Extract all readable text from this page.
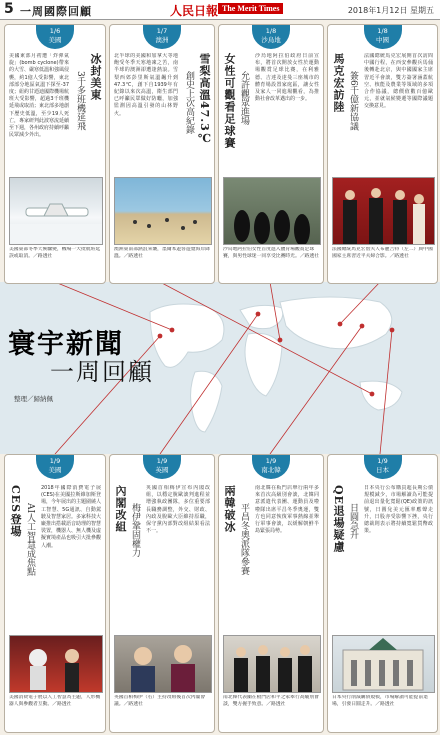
5 一周國際回顧	人民日報 The Merit Times	2018年1月12日 星期五
寰宇新聞
一周回顧
整理／歸納佩
1/6
美國
冰封美東
3千多班機延飛
美國東部月初遭「炸彈氣旋」(bomb cyclone)帶來的大雪、嚴寒低溫和強風侵襲，約1億人受影響，東北部部分地區氣溫下探至-37度；紐約甘迺迪國際機場航班大受影響，超過3千班機延飛或取消；東北部多地創下歷史低溫，至少19人死亡，專家研判此波寒流延續至下週，各州政府持續呼籲民眾減少外出。
美國東部冬季天候驟變，機場一大批航班延誤或取消。／路透社
1/7
澳洲
雪梨高溫47.3℃
創史上次高紀錄
北半球的美國和加拿大等地飽受冬季天寒地凍之苦，南半球的澳洲卻遭逢熱浪。雪梨西郊彭里斯氣溫飆升到47.3℃，創下自1939年有紀錄以來次高溫，衛生部門已呼籲民眾做好防曬，加強監測因高溫引發的山林野火。
澳洲東南部熱浪來襲，墨爾本遊客遊覽海岸降溫。／路透社
1/8
沙烏地
女性可觀看足球賽 允許觀眾進場
沙烏地阿拉伯政府日前宣布，將首次開放女性於運動場觀賞足球比賽，在利雅德、吉達及達曼三座城市的體育場設置家庭區，讓女性及家人一同進場觀看，為推動社會改革邁出的一步。
沙烏地阿拉伯女性首度進入體育場觀賞足球賽，與男性球迷一同享受比賽時光。／路透社
1/8
中國
馬克宏訪陸 簽6千億新協議
法國總統馬克宏展開首次訪問中國行程，在西安參觀兵馬俑後轉赴北京，與中國國家主席習近平會談，雙方簽署涵蓋航空、核能及農業等領域的多項合作協議，總價值數百億歐元，並就氣候變遷等國際議題交換意見。
法國總統馬克宏偕夫人布麗吉特（左二）與中國國家主席習近平夫婦合影。／路透社
1/9
美國
CES登場 AI人工智慧成焦點
2018年國際消費電子展(CES)在美國拉斯維加斯登場，今年展出的主題圍繞人工智慧、5G通訊、自動駕駛及智慧家居。多家科技大廠推出搭載語音助理的智慧裝置，機器人、無人機及虛擬實境產品也吸引大批參觀人潮。
美國消費電子展以人工智慧為主題，人形機器人與參觀者互動。／路透社
1/9
英國
內閣改組 梅伊鞏固權力
英國首相梅伊宣布內閣改組，以穩定脫歐談判進程並增強執政團隊，多位重要部長職務調整，外交、財政、內政及脫歐大臣維持原職，保守黨內部對改組結果看法不一。
英國首相梅伊（右）主持改組後首次內閣會議。／路透社
1/9
南北韓
兩韓破冰 平昌冬奧派隊參賽
南北韓在板門店舉行兩年多來首次高級別會談，北韓同意派遣代表團、運動員及啦啦隊出席平昌冬季奧運，雙方也同意恢復軍事熱線並舉行軍事會談，以緩解朝鮮半島緊張局勢。
南北韓代表團在板門店和平之家舉行高級別會談，雙方握手致意。／路透社
1/9
日本
QE退場疑慮 日圓急升
日本央行公布購買超長期公債規模減少，市場解讀為可能提前退出量化寬鬆(QE)政策的訊號，日圓兌美元匯率應聲走升，日股亦受影響下挫，央行總裁則表示將持續寬鬆貨幣政策。
日本央行削減購債規模，市場解讀可能提前退場，引發日圓走升。／路透社
